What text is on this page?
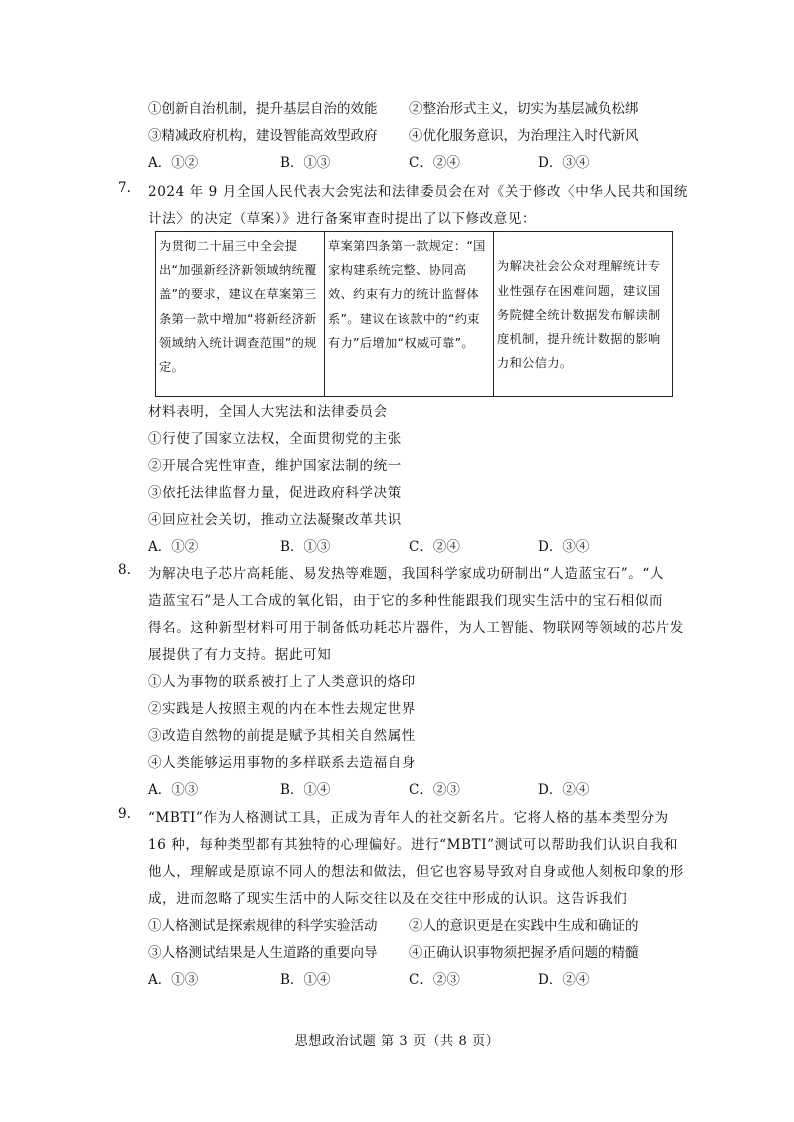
①创新自治机制，提升基层自治的效能 ②整治形式主义，切实为基层减负松绑
③精减政府机构，建设智能高效型政府 ④优化服务意识，为治理注入时代新风
A．①②	B．①③	C．②④	D．③④
7. 2024 年 9 月全国人民代表大会宪法和法律委员会在对《关于修改〈中华人民共和国统
计法〉的决定（草案）》进行备案审查时提出了以下修改意见：
为贯彻二十届三中全会提出“加强新经济新领域纳统覆盖”的要求，建议在草案第三条第一款中增加“将新经济新领域纳入统计调查范围”的规定。	草案第四条第一款规定：“国家构建系统完整、协同高效、约束有力的统计监督体系”。建议在该款中的“约束有力”后增加“权威可靠”。	为解决社会公众对理解统计专业性强存在困难问题，建议国务院健全统计数据发布解读制度机制，提升统计数据的影响力和公信力。
材料表明，全国人大宪法和法律委员会
①行使了国家立法权，全面贯彻党的主张
②开展合宪性审查，维护国家法制的统一
③依托法律监督力量，促进政府科学决策
④回应社会关切，推动立法凝聚改革共识
A．①②	B．①③	C．②④	D．③④
8. 为解决电子芯片高耗能、易发热等难题，我国科学家成功研制出“人造蓝宝石”。“人
造蓝宝石”是人工合成的氧化铝，由于它的多种性能跟我们现实生活中的宝石相似而
得名。这种新型材料可用于制备低功耗芯片器件，为人工智能、物联网等领域的芯片发
展提供了有力支持。据此可知
①人为事物的联系被打上了人类意识的烙印
②实践是人按照主观的内在本性去规定世界
③改造自然物的前提是赋予其相关自然属性
④人类能够运用事物的多样联系去造福自身
A．①③	B．①④	C．②③	D．②④
9. “MBTI”作为人格测试工具，正成为青年人的社交新名片。它将人格的基本类型分为
16 种，每种类型都有其独特的心理偏好。进行“MBTI”测试可以帮助我们认识自我和
他人，理解或是原谅不同人的想法和做法，但它也容易导致对自身或他人刻板印象的形
成，进而忽略了现实生活中的人际交往以及在交往中形成的认识。这告诉我们
①人格测试是探索规律的科学实验活动 ②人的意识更是在实践中生成和确证的
③人格测试结果是人生道路的重要向导 ④正确认识事物须把握矛盾问题的精髓
A．①③	B．①④	C．②③	D．②④
思想政治试题 第 3 页（共 8 页）
